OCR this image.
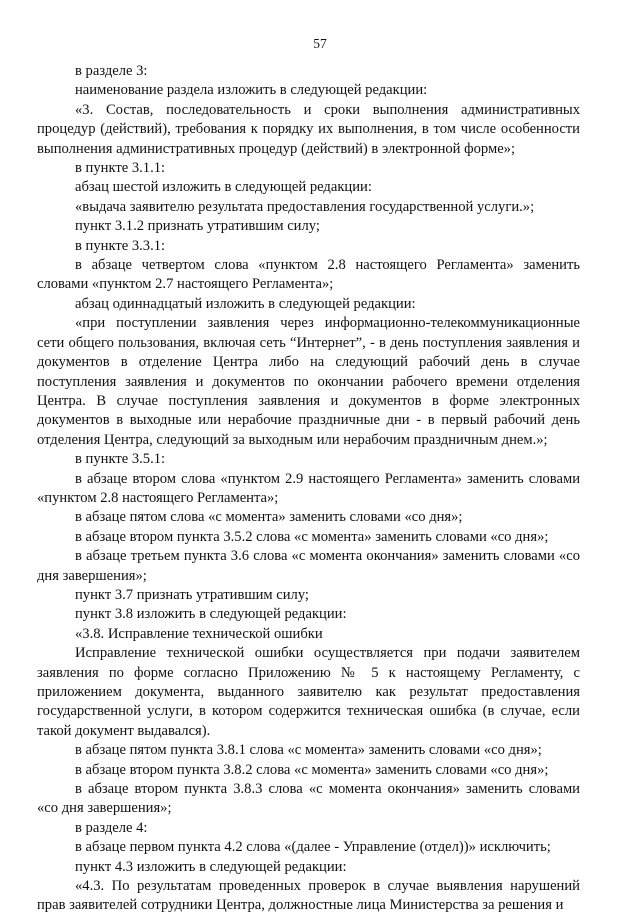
57

в разделе 3:

наименование раздела изложить в следующей редакции:

«3. Состав, последовательность и сроки выполнения административных процедур (действий), требования к порядку их выполнения, в том числе особенности выполнения административных процедур (действий) в электронной форме»;

в пункте 3.1.1:

абзац шестой изложить в следующей редакции:

«выдача заявителю результата предоставления государственной услуги.»;

пункт 3.1.2 признать утратившим силу;

в пункте 3.3.1:

в абзаце четвертом слова «пунктом 2.8 настоящего Регламента» заменить словами «пунктом 2.7 настоящего Регламента»;

абзац одиннадцатый изложить в следующей редакции:

«при поступлении заявления через информационно-телекоммуникационные сети общего пользования, включая сеть “Интернет”, - в день поступления заявления и документов в отделение Центра либо на следующий рабочий день в случае поступления заявления и документов по окончании рабочего времени отделения Центра. В случае поступления заявления и документов в форме электронных документов в выходные или нерабочие праздничные дни - в первый рабочий день отделения Центра, следующий за выходным или нерабочим праздничным днем.»;

в пункте 3.5.1:

в абзаце втором слова «пунктом 2.9 настоящего Регламента» заменить словами «пунктом 2.8 настоящего Регламента»;

в абзаце пятом слова «с момента» заменить словами «со дня»;

в абзаце втором пункта 3.5.2 слова «с момента» заменить словами «со дня»;

в абзаце третьем пункта 3.6 слова «с момента окончания» заменить словами «со дня завершения»;

пункт 3.7 признать утратившим силу;

пункт 3.8 изложить в следующей редакции:

«3.8. Исправление технической ошибки

Исправление технической ошибки осуществляется при подачи заявителем заявления по форме согласно Приложению № 5 к настоящему Регламенту, с приложением документа, выданного заявителю как результат предоставления государственной услуги, в котором содержится техническая ошибка (в случае, если такой документ выдавался).

в абзаце пятом пункта 3.8.1 слова «с момента» заменить словами «со дня»;

в абзаце втором пункта 3.8.2 слова «с момента» заменить словами «со дня»;

в абзаце втором пункта 3.8.3 слова «с момента окончания» заменить словами «со дня завершения»;

в разделе 4:

в абзаце первом пункта 4.2 слова «(далее - Управление (отдел))» исключить;

пункт 4.3 изложить в следующей редакции:

«4.3. По результатам проведенных проверок в случае выявления нарушений прав заявителей сотрудники Центра, должностные лица Министерства за решения и
